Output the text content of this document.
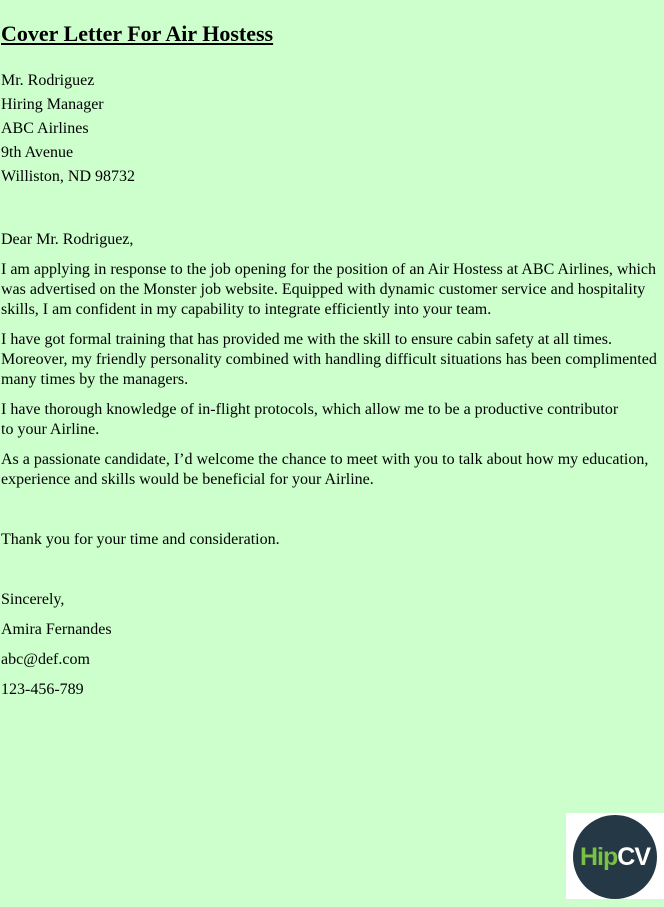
Cover Letter For Air Hostess
Mr. Rodriguez
Hiring Manager
ABC Airlines
9th Avenue
Williston, ND 98732
Dear Mr. Rodriguez,

I am applying in response to the job opening for the position of an Air Hostess at ABC Airlines, which was advertised on the Monster job website. Equipped with dynamic customer service and hospitality skills, I am confident in my capability to integrate efficiently into your team.

I have got formal training that has provided me with the skill to ensure cabin safety at all times. Moreover, my friendly personality combined with handling difficult situations has been complimented many times by the managers.

I have thorough knowledge of in-flight protocols, which allow me to be a productive contributor to your Airline.

As a passionate candidate, I’d welcome the chance to meet with you to talk about how my education, experience and skills would be beneficial for your Airline.

Thank you for your time and consideration.
Sincerely,
Amira Fernandes
abc@def.com
123-456-789
Hip CV
